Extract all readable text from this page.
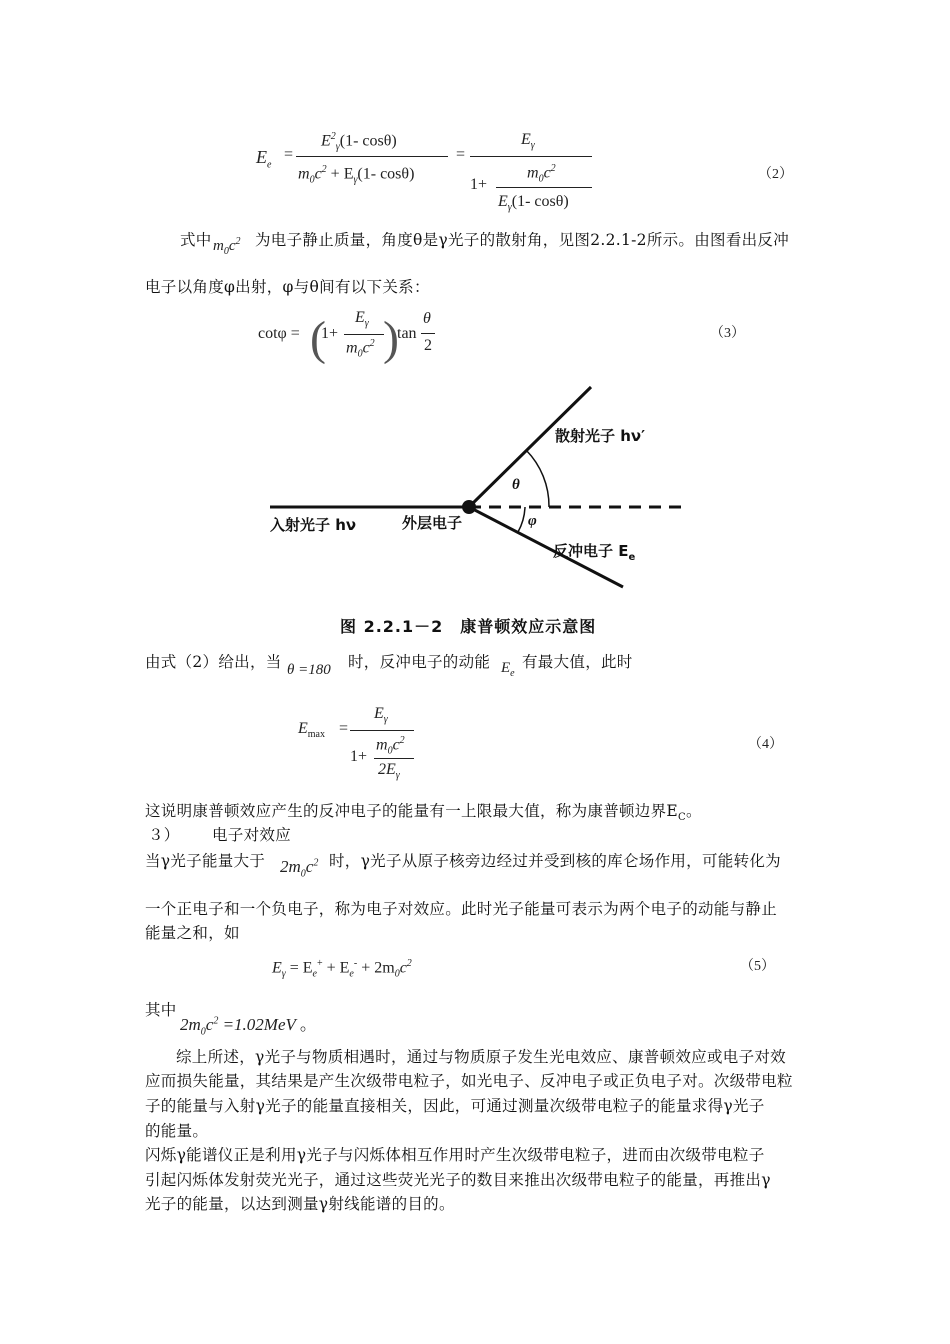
$E_e$
=
$E^2_\gamma(1-$ cosθ)
$m_0c^2 + E_\gamma(1-$ cosθ)
=
$E_\gamma$
1+
$m_0c^2$
$E_\gamma(1-$ cosθ)
（2）
式中 $m_0c^2$ 为电子静止质量，角度θ是γ光子的散射角，见图2.2.1-2所示。由图看出反冲
电子以角度φ出射，φ与θ间有以下关系：
cotφ = (
1+
$E_\gamma$
$m_0c^2$ )
tan
θ
2
（3）
散射光子 hν′
入射光子 hν	外层电子
反冲电子 $E_e$
θ
φ
图 2.2.1－2　康普顿效应示意图
由式（2）给出，当 θ =180 时，反冲电子的动能 $E_e$
有最大值，此时
$E_{max}$ =
$E_\gamma$
1+
$m_0c^2$
$2E_\gamma$
（4）
这说明康普顿效应产生的反冲电子的能量有一上限最大值，称为康普顿边界$E_C$。
３） 电子对效应
当γ光子能量大于 $2m_0c^2$ 时，γ光子从原子核旁边经过并受到核的库仑场作用，可能转化为
一个正电子和一个负电子，称为电子对效应。此时光子能量可表示为两个电子的动能与静止
能量之和，如
$E_\gamma = E_e^+ + E_e^- + 2m_0c^2$	（5）
其中
$2m_0c^2 =1.02MeV$ 。
综上所述，γ光子与物质相遇时，通过与物质原子发生光电效应、康普顿效应或电子对效
应而损失能量，其结果是产生次级带电粒子，如光电子、反冲电子或正负电子对。次级带电粒
子的能量与入射γ光子的能量直接相关，因此，可通过测量次级带电粒子的能量求得γ光子
的能量。
闪烁γ能谱仪正是利用γ光子与闪烁体相互作用时产生次级带电粒子，进而由次级带电粒子
引起闪烁体发射荧光光子，通过这些荧光光子的数目来推出次级带电粒子的能量，再推出γ
光子的能量，以达到测量γ射线能谱的目的。
